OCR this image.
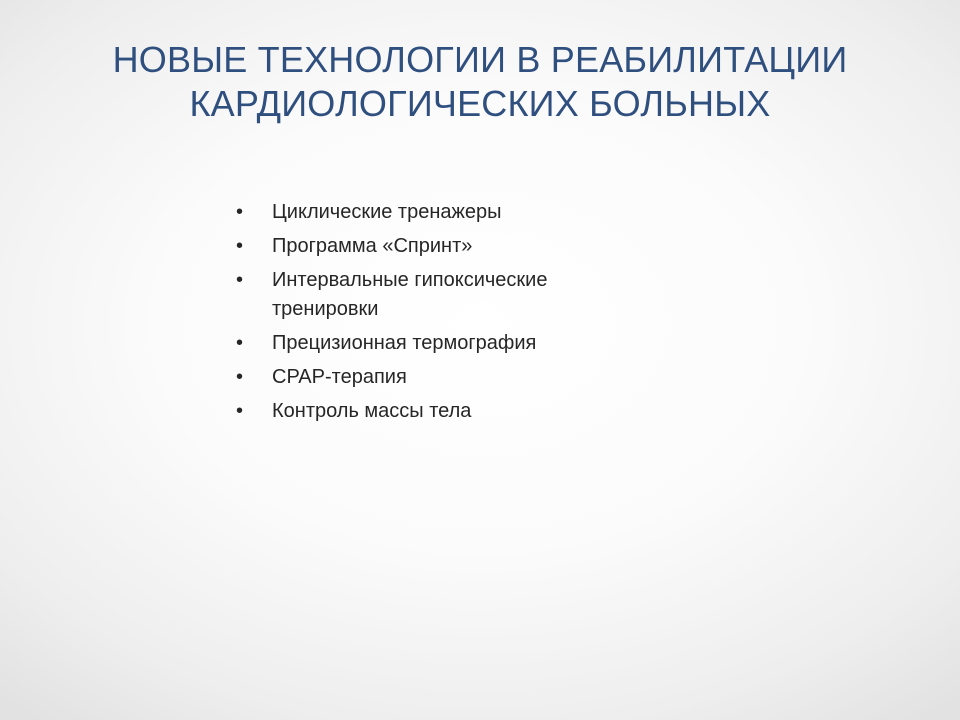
НОВЫЕ ТЕХНОЛОГИИ В РЕАБИЛИТАЦИИ
КАРДИОЛОГИЧЕСКИХ БОЛЬНЫХ
• Циклические тренажеры
• Программа «Спринт»
• Интервальные гипоксические тренировки
• Прецизионная термография
• CPAP-терапия
• Контроль массы тела
